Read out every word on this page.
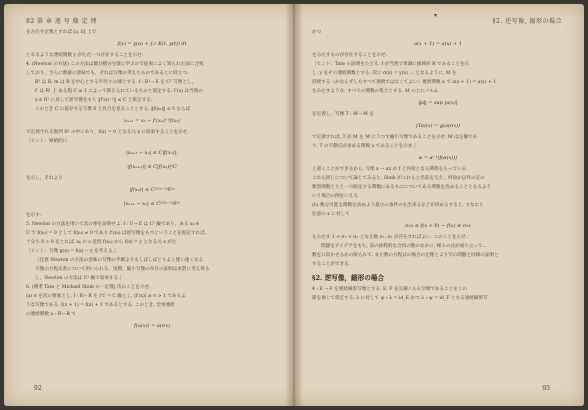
82 第 章 逐 写 像 定 理
をみたす定数とすれば [a, b] 上で
f(x) = y(a) + ∫ₐˣ K(t, y(t)) dt
となるような連続関数 y がただ一つ存在することを示せ.
4. (Newton の方法) この方法は微分積分を既に学ぶので従来によく知られた法に合致
しており，さらに数値の意味でも，それは写像の考えたものであるとに役立つ.
R¹ は R, m は R を中心とする半径 r の球とする. f : R¹→ E を C² 写像とし，
f' は R¹ 上 ある程 C ≥ 1 によって抑えられているものと仮定する. f'(x) は当然の
x ∈ R¹ に対して逆写像をもち ‖f'(x)⁻¹‖ ≤ C と仮定する.
このとき C に依存する写像 δ と具合を見ることとする. ‖f(x₀)‖ ≤ δ ならば
xₙ₊₁ = xₙ − f'(xₙ)⁻¹f(xₙ)
で定義される数列 R¹ の中にあり，f(x) = 0 となる元 x に収束することを示せ.
［ヒント：帰納的に
|xₙ₊₁ − xₙ| ≤ C|f(xₙ)|,
|f(xₙ₊₁)| ≤ C|f(xₙ)|²C
を示し，それより
|f(xₙ)| ≤ C²⁽²ⁿ⁻¹⁾δ²ⁿ
|xₙ₊₁ − xₙ| ≤ C²⁽²ⁿ⁻¹⁾δ²ⁿ
を示す.
5. Newton の方法を用いて次の事を証明せよ. f : U→ E は C² 級であり，ある x₀ ∈
U で f(x₀) = 0 として f(x₀) ≠ 0 であり f'(x₀) は逆写像をもつということを仮定すれば，
十分小 δ > 0 をとれば, x₀ の ε 近傍 f(x₀) から f(x) = y となる元 x がた.
［ヒント：写像 g(x) = f(x) − y を考える.］
［注意 Newton の方法の意味の写像の手順よりもしばしばとりよく使い速くなる
写像の方程式系について用いられる．実際，縮小写像の存在の証明は本質に考え得る
し，Newton の方法は C² 級で収束する.］
6. (関孝 Tate と Michael Shub の一定理) 次のことを示せ.
(a) σ を次の要素とし, f : R→ R を fで = C 級とし, |f'(x)| ≥ σ > 1 であるよ
うな写像である. f(x + 1) = f(x) + 1 であるとする. このとき, 全単連続
の連続関数 a : R→ R で
f(a(x)) = a(σx)
92
▾
§2. 逆写像, 縮形の場合
かつ
a(x + 1) = a(x) + 1
をみたすものが存在することを示せ.
［ヒント：Tate の証明をたどる. f が当然で単調に値域が R であることを示
し, y をその連続関数とする. 次に σ(x) = y(x) ... となるように, M を
持続する（かならずしもすべて連続ではなくてよい）連続関数 a で a(x + 1) = a(x) + 1
をみたすような, すべての関数の集合とする. M の上にノルム
‖a‖ = sup |a(x)|
を定義し，写像 T : M→ M を
(Ta)(x) = g(a(σx))
で定義すれば, T が M を M にうつす縮小写像であることを示せ. M は完備であ
り, T の不動点が求める関数 a であることを示せ.］
α = α⁻¹(f(α(x)))
と書くことができるから, 写像 x → αx が f と共役となる関係をもっている.
これら同じについて論じてみると, Shub がこれらと名前を与え，何故か以外の定の
類型関数とりと一つ限定する関数にあるものについてある関数を決めることとなるよう
いう場合の例をいえる.
(b) 数分可能な関数を決めよう最小の条件のを出来るなどが決めるすると, すなわち
任意の x に対して
σ₁x ≤ f(x + δ) − f(x) ≤ σ₂x
をみたす 1 < σ₁ < σ₂ となる数 σ₁, σ₂ が存在すればよい. このことを示せ.
問題をアイデアをもち, 前の抜粋的な合同の数のなかに, 様々の式が成り立って...
数をに向かせるかの限られて, また数の方程式の場合の定理とより写の問題と同様の証明と
することができる.
§2. 逆写像，縮形の場合
4 : E → F を連続線形写像とする. E, F を完備ノルム空間であることをこの
節を通じて仮定する. λ に対して ψ ∘ λ = id_E かつ λ ∘ ψ = id_F となる連続線形写
93
